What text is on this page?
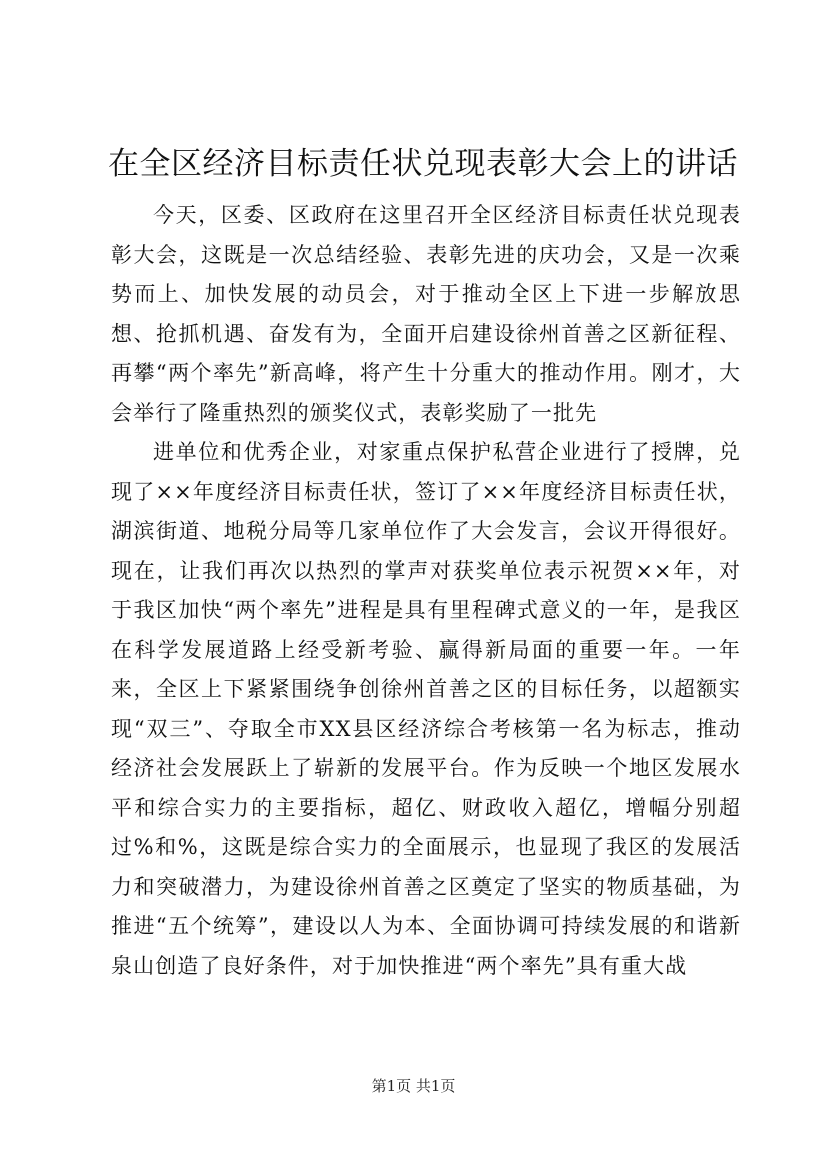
在全区经济目标责任状兑现表彰大会上的讲话

今天，区委、区政府在这里召开全区经济目标责任状兑现表彰大会，这既是一次总结经验、表彰先进的庆功会，又是一次乘势而上、加快发展的动员会，对于推动全区上下进一步解放思想、抢抓机遇、奋发有为，全面开启建设徐州首善之区新征程、再攀“两个率先”新高峰，将产生十分重大的推动作用。刚才，大会举行了隆重热烈的颁奖仪式，表彰奖励了一批先

进单位和优秀企业，对家重点保护私营企业进行了授牌，兑现了××年度经济目标责任状，签订了××年度经济目标责任状，湖滨街道、地税分局等几家单位作了大会发言，会议开得很好。现在，让我们再次以热烈的掌声对获奖单位表示祝贺××年，对于我区加快“两个率先”进程是具有里程碑式意义的一年，是我区在科学发展道路上经受新考验、赢得新局面的重要一年。一年来，全区上下紧紧围绕争创徐州首善之区的目标任务，以超额实现“双三”、夺取全市XX县区经济综合考核第一名为标志，推动经济社会发展跃上了崭新的发展平台。作为反映一个地区发展水平和综合实力的主要指标，超亿、财政收入超亿，增幅分别超过%和%，这既是综合实力的全面展示，也显现了我区的发展活力和突破潜力，为建设徐州首善之区奠定了坚实的物质基础，为推进“五个统筹”，建设以人为本、全面协调可持续发展的和谐新泉山创造了良好条件，对于加快推进“两个率先”具有重大战

第1页 共1页
